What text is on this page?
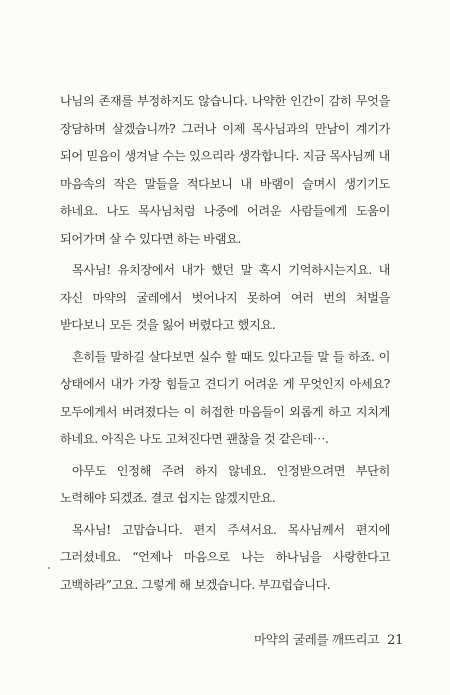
나님의 존재를 부정하지도 않습니다. 나약한 인간이 감히 무엇을 장담하며 살겠습니까? 그러나 이제 목사님과의 만남이 계기가 되어 믿음이 생겨날 수는 있으리라 생각합니다. 지금 목사님께 내 마음속의 작은 말들을 적다보니 내 바램이 슬며시 생기기도 하네요. 나도 목사님처럼 나중에 어려운 사람들에게 도움이 되어가며 살 수 있다면 하는 바램요.

목사님! 유치장에서 내가 했던 말 혹시 기억하시는지요. 내 자신 마약의 굴레에서 벗어나지 못하여 여러 번의 처벌을 받다보니 모든 것을 잃어 버렸다고 했지요.

흔히들 말하길 살다보면 실수 할 때도 있다고들 말 들 하죠. 이 상태에서 내가 가장 힘들고 견디기 어려운 게 무엇인지 아세요? 모두에게서 버려졌다는 이 허접한 마음들이 외롭게 하고 지치게 하네요. 아직은 나도 고쳐진다면 괜찮을 것 같은데⋯.

아무도 인정해 주려 하지 않네요. 인정받으려면 부단히 노력해야 되겠죠. 결코 쉽지는 않겠지만요.

목사님! 고맙습니다. 편지 주셔서요. 목사님께서 편지에 그러셨네요. “언제나 마음으로 나는 하나님을 사랑한다고 고백하라”고요. 그렇게 해 보겠습니다. 부끄럽습니다.

마약의 굴레를 깨뜨리고 21
